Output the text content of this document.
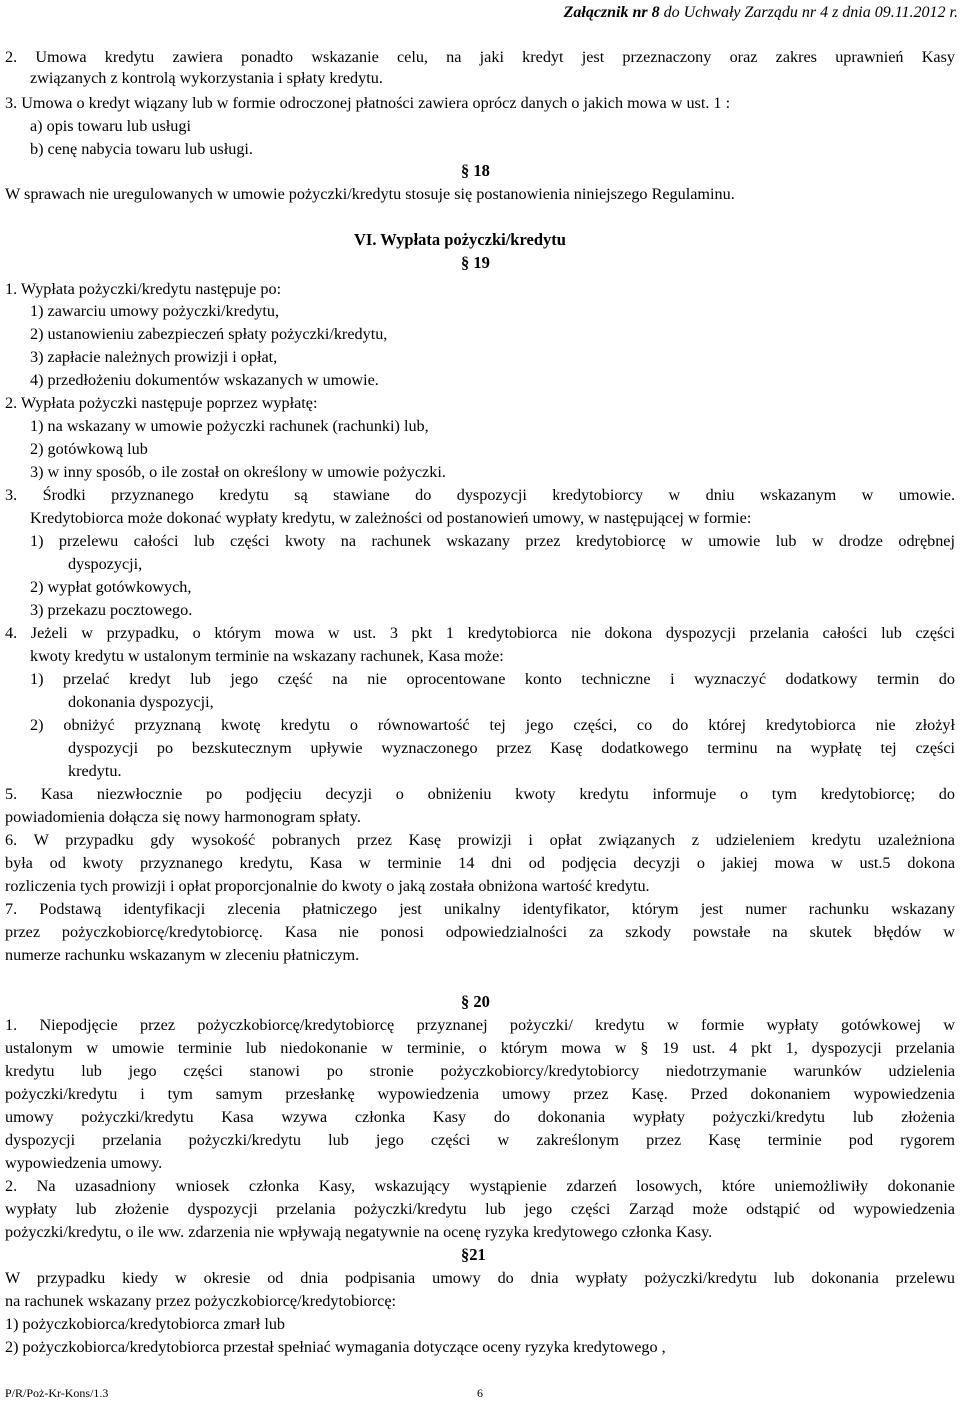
Załącznik nr 8 do Uchwały Zarządu nr 4 z dnia 09.11.2012 r.
2. Umowa kredytu zawiera ponadto wskazanie celu, na jaki kredyt jest przeznaczony oraz zakres uprawnień Kasy
związanych z kontrolą wykorzystania i spłaty kredytu.
3. Umowa o kredyt wiązany lub w formie odroczonej płatności zawiera oprócz danych o jakich mowa w ust. 1 :
a) opis towaru lub usługi
b) cenę nabycia towaru lub usługi.
§ 18
W sprawach nie uregulowanych w umowie pożyczki/kredytu stosuje się postanowienia niniejszego Regulaminu.
VI. Wypłata pożyczki/kredytu
§ 19
1. Wypłata pożyczki/kredytu następuje po:
1) zawarciu umowy pożyczki/kredytu,
2) ustanowieniu zabezpieczeń spłaty pożyczki/kredytu,
3) zapłacie należnych prowizji i opłat,
4) przedłożeniu dokumentów wskazanych w umowie.
2. Wypłata pożyczki następuje poprzez wypłatę:
1) na wskazany w umowie pożyczki rachunek (rachunki) lub,
2) gotówkową lub
3) w inny sposób, o ile został on określony w umowie pożyczki.
3. Środki przyznanego kredytu są stawiane do dyspozycji kredytobiorcy w dniu wskazanym w umowie.
Kredytobiorca może dokonać wypłaty kredytu, w zależności od postanowień umowy, w następującej w formie:
1) przelewu całości lub części kwoty na rachunek wskazany przez kredytobiorcę w umowie lub w drodze odrębnej
dyspozycji,
2) wypłat gotówkowych,
3) przekazu pocztowego.
4. Jeżeli w przypadku, o którym mowa w ust. 3 pkt 1 kredytobiorca nie dokona dyspozycji przelania całości lub części
kwoty kredytu w ustalonym terminie na wskazany rachunek, Kasa może:
1) przelać kredyt lub jego część na nie oprocentowane konto techniczne i wyznaczyć dodatkowy termin do
dokonania dyspozycji,
2) obniżyć przyznaną kwotę kredytu o równowartość tej jego części, co do której kredytobiorca nie złożył
dyspozycji po bezskutecznym upływie wyznaczonego przez Kasę dodatkowego terminu na wypłatę tej części
kredytu.
5. Kasa niezwłocznie po podjęciu decyzji o obniżeniu kwoty kredytu informuje o tym kredytobiorcę; do
powiadomienia dołącza się nowy harmonogram spłaty.
6. W przypadku gdy wysokość pobranych przez Kasę prowizji i opłat związanych z udzieleniem kredytu uzależniona
była od kwoty przyznanego kredytu, Kasa w terminie 14 dni od podjęcia decyzji o jakiej mowa w ust.5 dokona
rozliczenia tych prowizji i opłat proporcjonalnie do kwoty o jaką została obniżona wartość kredytu.
7. Podstawą identyfikacji zlecenia płatniczego jest unikalny identyfikator, którym jest numer rachunku wskazany
przez pożyczkobiorcę/kredytobiorcę. Kasa nie ponosi odpowiedzialności za szkody powstałe na skutek błędów w
numerze rachunku wskazanym w zleceniu płatniczym.
§ 20
1. Niepodjęcie przez pożyczkobiorcę/kredytobiorcę przyznanej pożyczki/ kredytu w formie wypłaty gotówkowej w
ustalonym w umowie terminie lub niedokonanie w terminie, o którym mowa w § 19 ust. 4 pkt 1, dyspozycji przelania
kredytu lub jego części stanowi po stronie pożyczkobiorcy/kredytobiorcy niedotrzymanie warunków udzielenia
pożyczki/kredytu i tym samym przesłankę wypowiedzenia umowy przez Kasę. Przed dokonaniem wypowiedzenia
umowy pożyczki/kredytu Kasa wzywa członka Kasy do dokonania wypłaty pożyczki/kredytu lub złożenia
dyspozycji przelania pożyczki/kredytu lub jego części w zakreślonym przez Kasę terminie pod rygorem
wypowiedzenia umowy.
2. Na uzasadniony wniosek członka Kasy, wskazujący wystąpienie zdarzeń losowych, które uniemożliwiły dokonanie
wypłaty lub złożenie dyspozycji przelania pożyczki/kredytu lub jego części Zarząd może odstąpić od wypowiedzenia
pożyczki/kredytu, o ile ww. zdarzenia nie wpływają negatywnie na ocenę ryzyka kredytowego członka Kasy.
§21
W przypadku kiedy w okresie od dnia podpisania umowy do dnia wypłaty pożyczki/kredytu lub dokonania przelewu
na rachunek wskazany przez pożyczkobiorcę/kredytobiorcę:
1) pożyczkobiorca/kredytobiorca zmarł lub
2) pożyczkobiorca/kredytobiorca przestał spełniać wymagania dotyczące oceny ryzyka kredytowego ,
P/R/Poż-Kr-Kons/1.3	6
